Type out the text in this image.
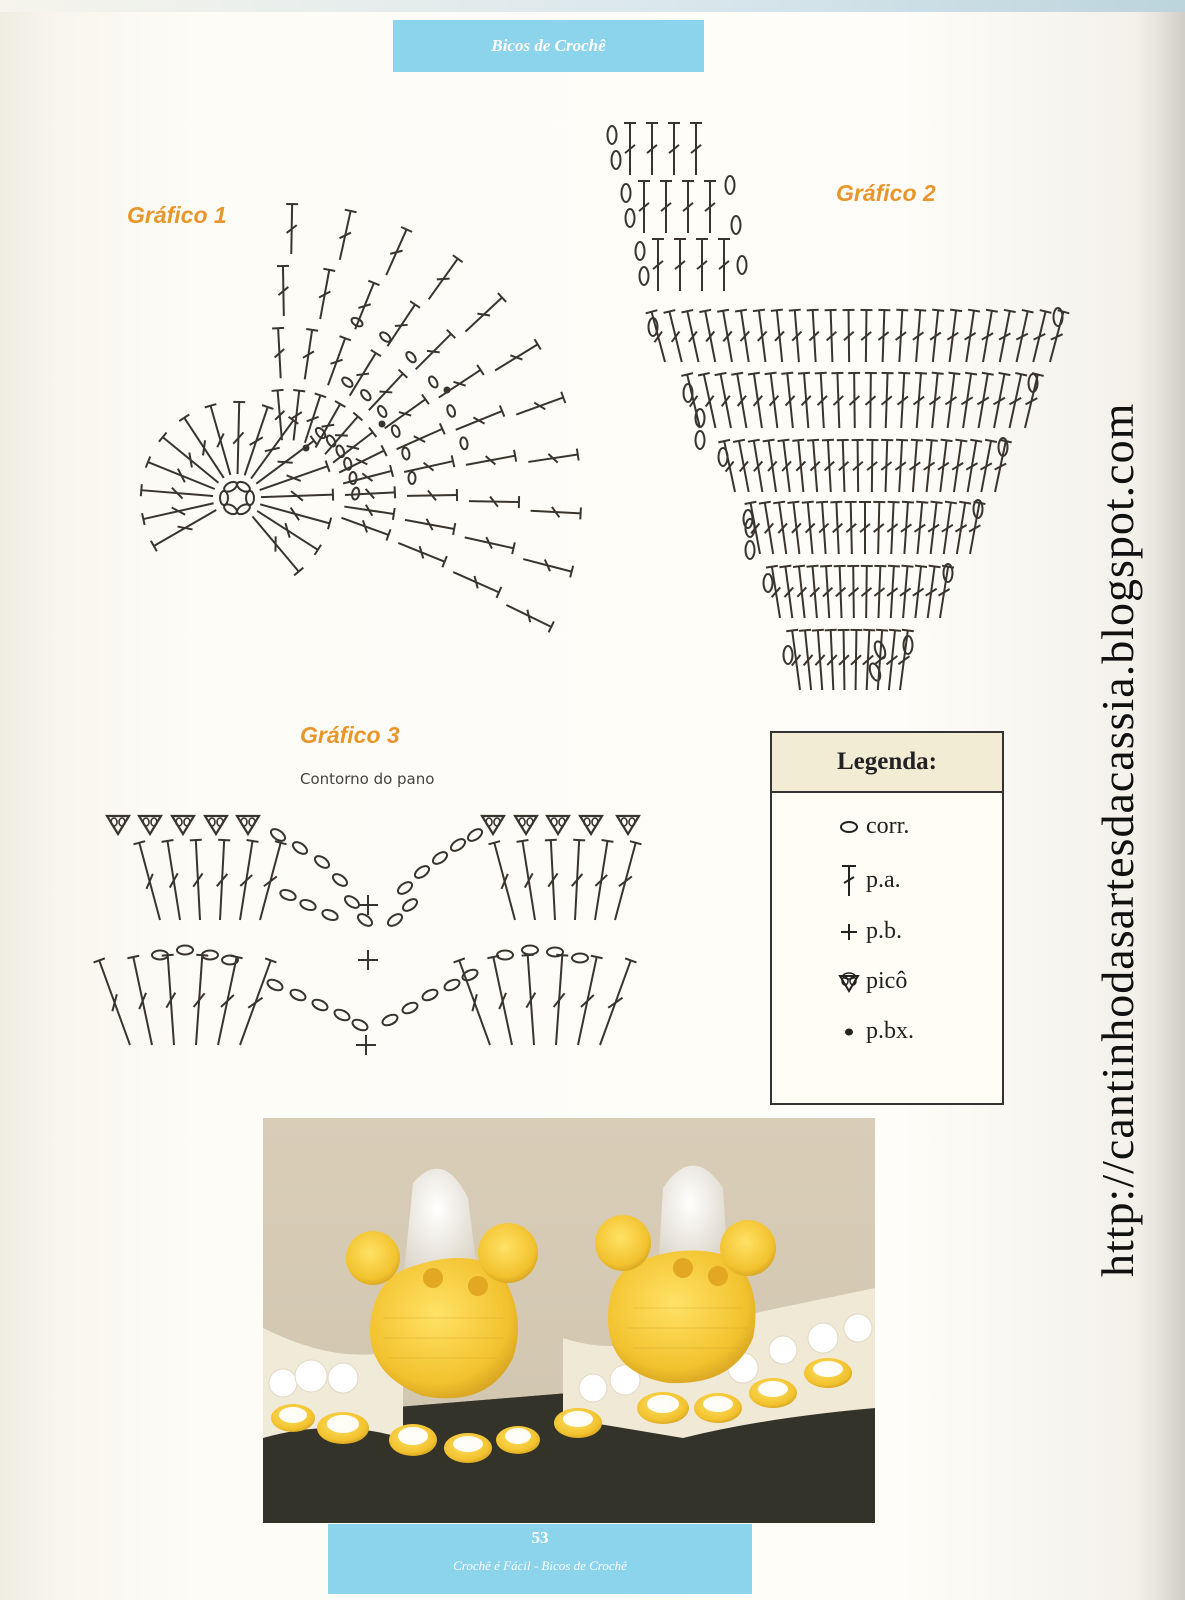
Bicos de Crochê
Gráfico 1
Gráfico 2
Gráfico 3
Contorno do pano
Legenda:
corr.
p.a.
p.b.
picô
p.bx.
53
Crochê é Fácil - Bicos de Crochê
http://cantinhodasartesdacassia.blogspot.com
